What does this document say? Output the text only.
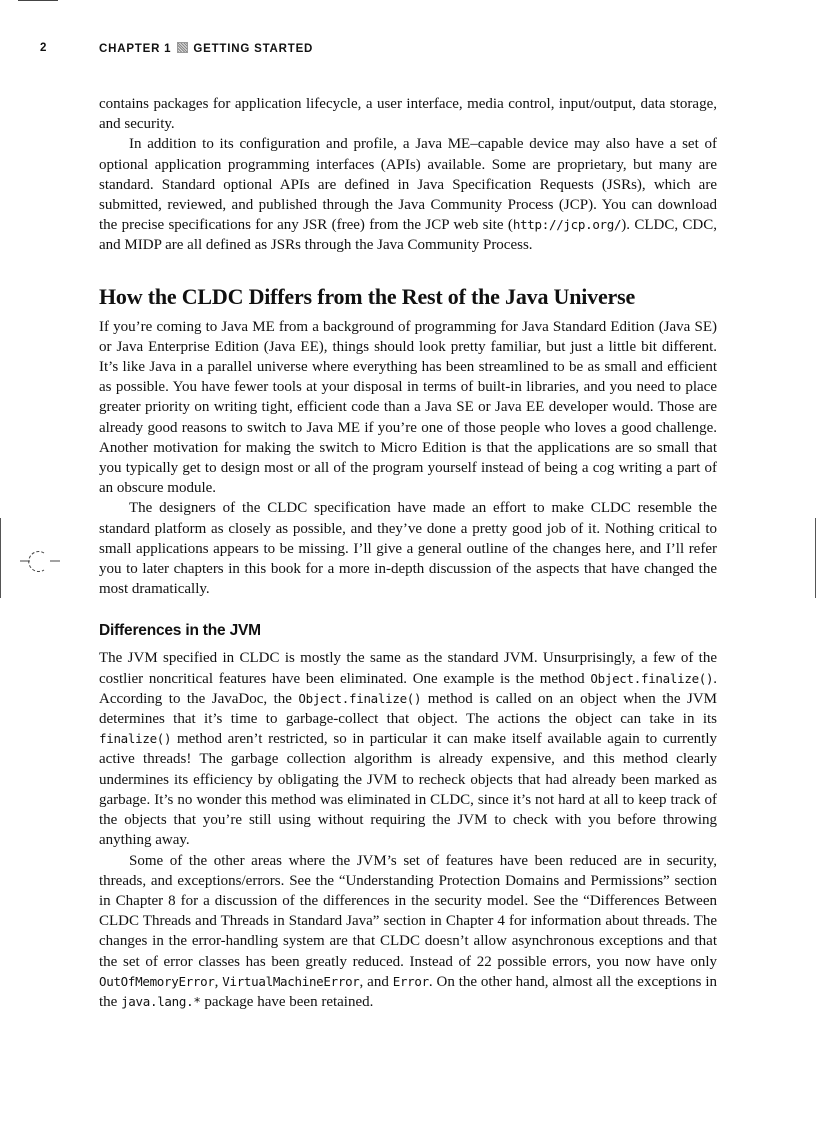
2	CHAPTER 1 GETTING STARTED

contains packages for application lifecycle, a user interface, media control, input/output, data storage, and security.

In addition to its configuration and profile, a Java ME–capable device may also have a set of optional application programming interfaces (APIs) available. Some are proprietary, but many are standard. Standard optional APIs are defined in Java Specification Requests (JSRs), which are submitted, reviewed, and published through the Java Community Process (JCP). You can download the precise specifications for any JSR (free) from the JCP web site (http://jcp.org/). CLDC, CDC, and MIDP are all defined as JSRs through the Java Community Process.

How the CLDC Differs from the Rest of the Java Universe

If you’re coming to Java ME from a background of programming for Java Standard Edition (Java SE) or Java Enterprise Edition (Java EE), things should look pretty familiar, but just a little bit different. It’s like Java in a parallel universe where everything has been streamlined to be as small and efficient as possible. You have fewer tools at your disposal in terms of built-in libraries, and you need to place greater priority on writing tight, efficient code than a Java SE or Java EE developer would. Those are already good reasons to switch to Java ME if you’re one of those people who loves a good challenge. Another motivation for making the switch to Micro Edition is that the applications are so small that you typically get to design most or all of the program yourself instead of being a cog writing a part of an obscure module.

The designers of the CLDC specification have made an effort to make CLDC resemble the standard platform as closely as possible, and they’ve done a pretty good job of it. Nothing critical to small applications appears to be missing. I’ll give a general outline of the changes here, and I’ll refer you to later chapters in this book for a more in-depth discussion of the aspects that have changed the most dramatically.

Differences in the JVM

The JVM specified in CLDC is mostly the same as the standard JVM. Unsurprisingly, a few of the costlier noncritical features have been eliminated. One example is the method Object.finalize(). According to the JavaDoc, the Object.finalize() method is called on an object when the JVM determines that it’s time to garbage-collect that object. The actions the object can take in its finalize() method aren’t restricted, so in particular it can make itself available again to currently active threads! The garbage collection algorithm is already expensive, and this method clearly undermines its efficiency by obligating the JVM to recheck objects that had already been marked as garbage. It’s no wonder this method was eliminated in CLDC, since it’s not hard at all to keep track of the objects that you’re still using without requiring the JVM to check with you before throwing anything away.

Some of the other areas where the JVM’s set of features have been reduced are in security, threads, and exceptions/errors. See the “Understanding Protection Domains and Permissions” section in Chapter 8 for a discussion of the differences in the security model. See the “Differences Between CLDC Threads and Threads in Standard Java” section in Chapter 4 for information about threads. The changes in the error-handling system are that CLDC doesn’t allow asynchronous exceptions and that the set of error classes has been greatly reduced. Instead of 22 possible errors, you now have only OutOfMemoryError, VirtualMachineError, and Error. On the other hand, almost all the exceptions in the java.lang.* package have been retained.
